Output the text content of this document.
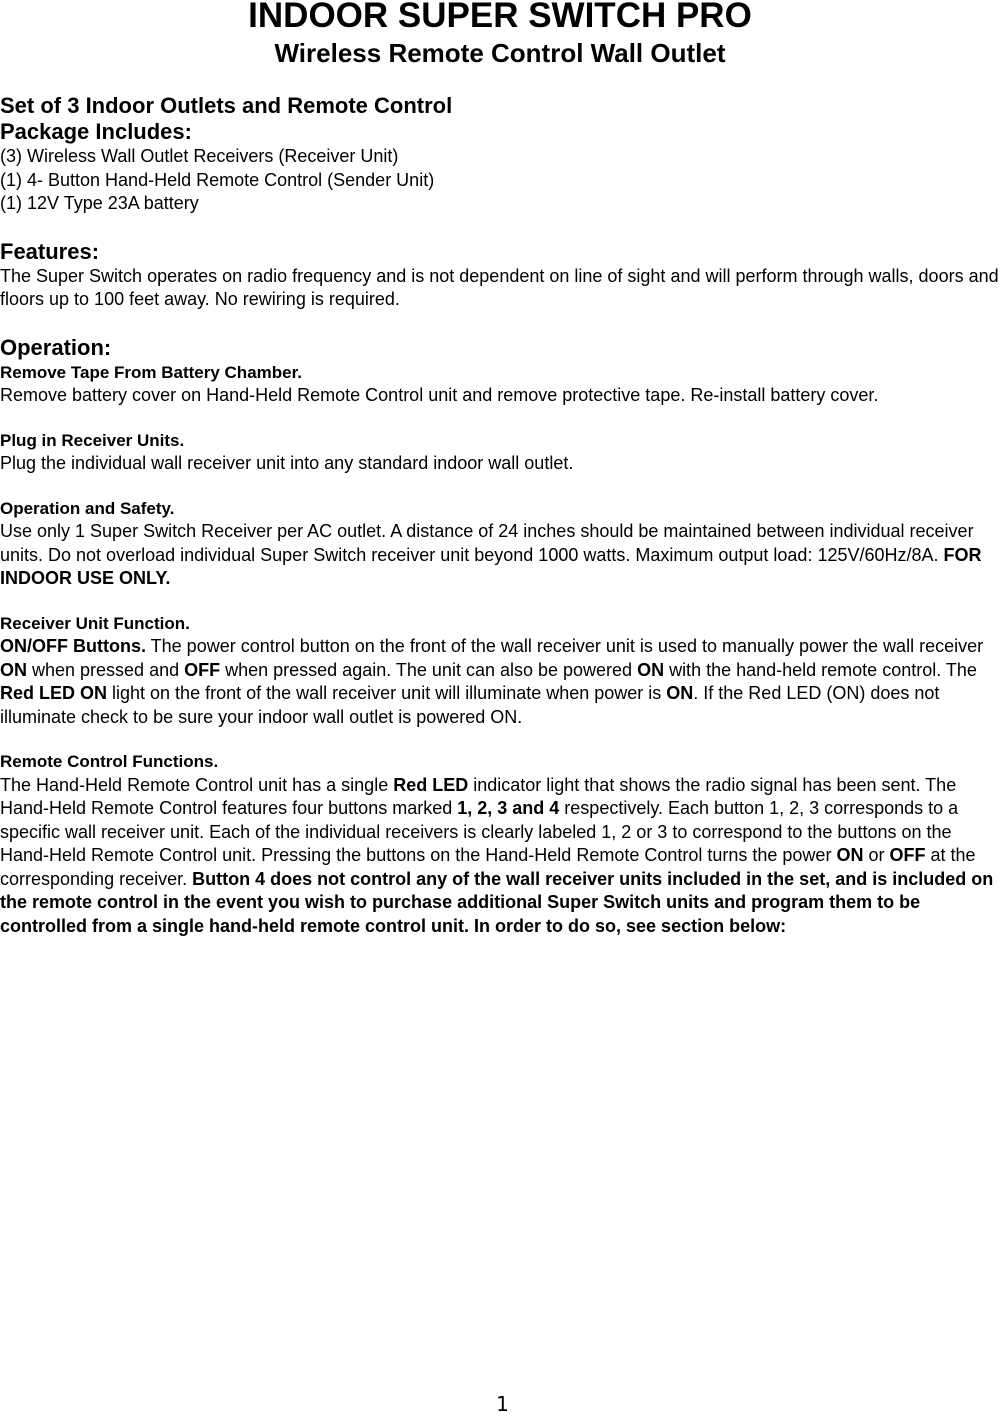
INDOOR SUPER SWITCH PRO
Wireless Remote Control Wall Outlet

Set of 3 Indoor Outlets and Remote Control

Package Includes:

(3) Wireless Wall Outlet Receivers (Receiver Unit)

(1) 4- Button Hand-Held Remote Control (Sender Unit)

(1) 12V Type 23A battery

Features:

The Super Switch operates on radio frequency and is not dependent on line of sight and will perform through walls, doors and floors up to 100 feet away. No rewiring is required.

Operation:

Remove Tape From Battery Chamber.

Remove battery cover on Hand-Held Remote Control unit and remove protective tape. Re-install battery cover.

Plug in Receiver Units.

Plug the individual wall receiver unit into any standard indoor wall outlet.

Operation and Safety.

Use only 1 Super Switch Receiver per AC outlet. A distance of 24 inches should be maintained between individual receiver units. Do not overload individual Super Switch receiver unit beyond 1000 watts. Maximum output load: 125V/60Hz/8A. FOR INDOOR USE ONLY.

Receiver Unit Function.

ON/OFF Buttons. The power control button on the front of the wall receiver unit is used to manually power the wall receiver ON when pressed and OFF when pressed again. The unit can also be powered ON with the hand-held remote control. The Red LED ON light on the front of the wall receiver unit will illuminate when power is ON. If the Red LED (ON) does not illuminate check to be sure your indoor wall outlet is powered ON.

Remote Control Functions.

The Hand-Held Remote Control unit has a single Red LED indicator light that shows the radio signal has been sent. The Hand-Held Remote Control features four buttons marked 1, 2, 3 and 4 respectively. Each button 1, 2, 3 corresponds to a specific wall receiver unit. Each of the individual receivers is clearly labeled 1, 2 or 3 to correspond to the buttons on the Hand-Held Remote Control unit. Pressing the buttons on the Hand-Held Remote Control turns the power ON or OFF at the corresponding receiver. Button 4 does not control any of the wall receiver units included in the set, and is included on the remote control in the event you wish to purchase additional Super Switch units and program them to be controlled from a single hand-held remote control unit. In order to do so, see section below:

1
